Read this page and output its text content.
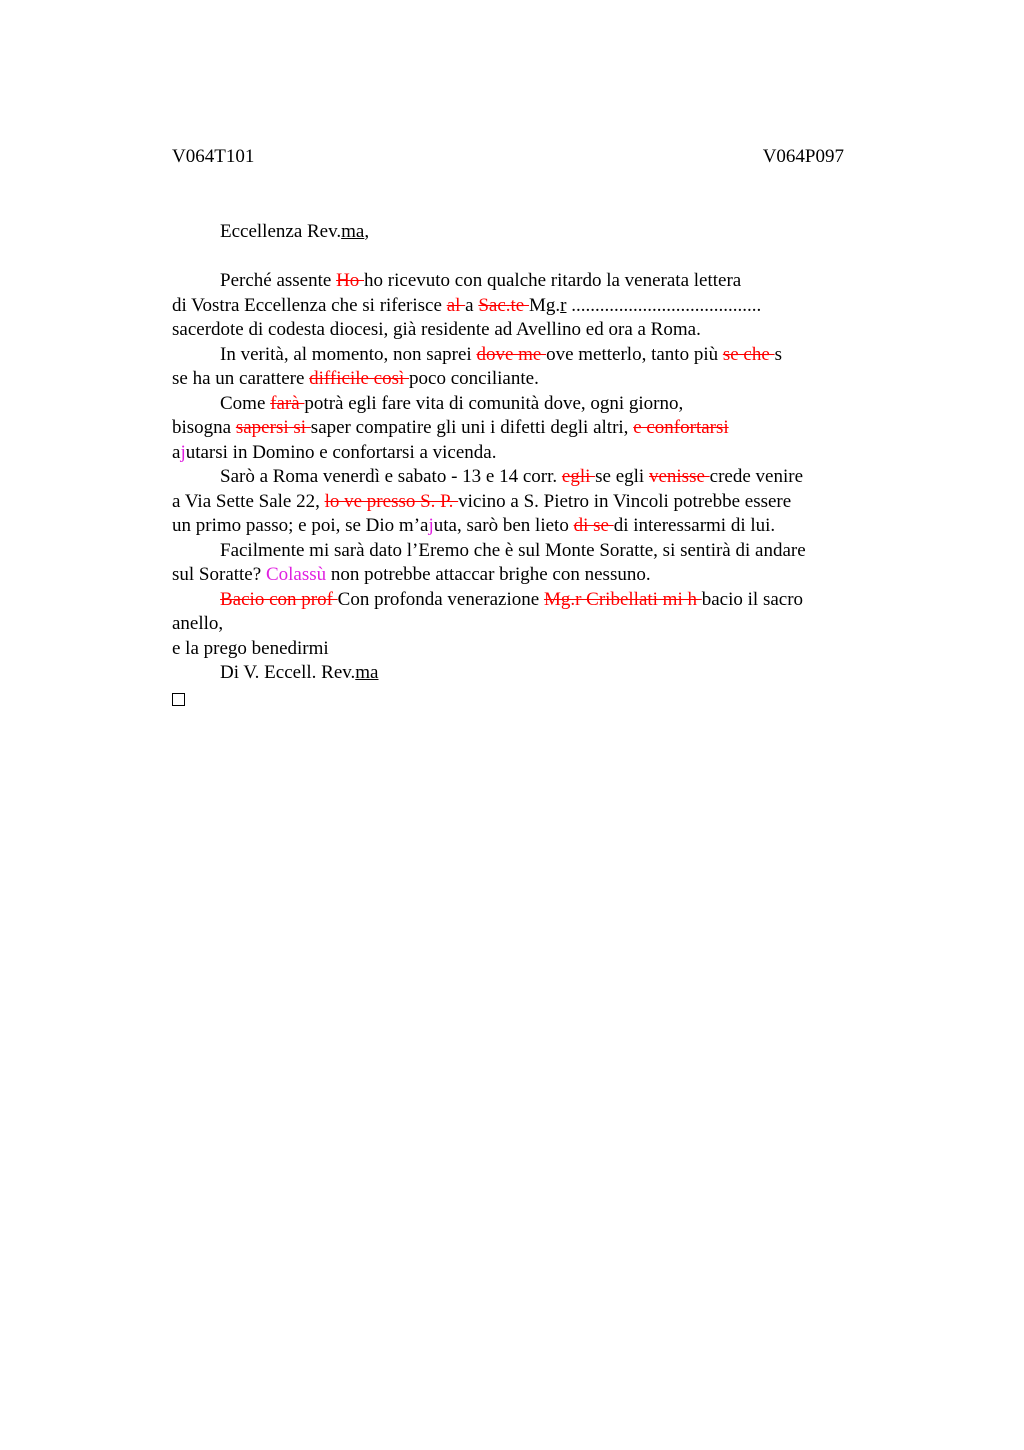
V064T101	V064P097
Eccellenza Rev.ma,
Perché assente Ho ho ricevuto con qualche ritardo la venerata lettera
di Vostra Eccellenza che si riferisce al a Sac.te Mg.r ........................................
sacerdote di codesta diocesi, già residente ad Avellino ed ora a Roma.
In verità, al momento, non saprei dove me ove metterlo, tanto più se che s
se ha un carattere difficile così poco conciliante.
Come farà potrà egli fare vita di comunità dove, ogni giorno,
bisogna sapersi si saper compatire gli uni i difetti degli altri, e confortarsi
ajutarsi in Domino e confortarsi a vicenda.
Sarò a Roma venerdì e sabato - 13 e 14 corr. egli se egli venisse crede venire
a Via Sette Sale 22, lo ve presso S. P. vicino a S. Pietro in Vincoli potrebbe essere
un primo passo; e poi, se Dio m’ajuta, sarò ben lieto di se di interessarmi di lui.
Facilmente mi sarà dato l’Eremo che è sul Monte Soratte, si sentirà di andare
sul Soratte? Colassù non potrebbe attaccar brighe con nessuno.
Bacio con prof Con profonda venerazione Mg.r Cribellati mi h bacio il sacro
anello,
e la prego benedirmi
Di V. Eccell. Rev.ma
